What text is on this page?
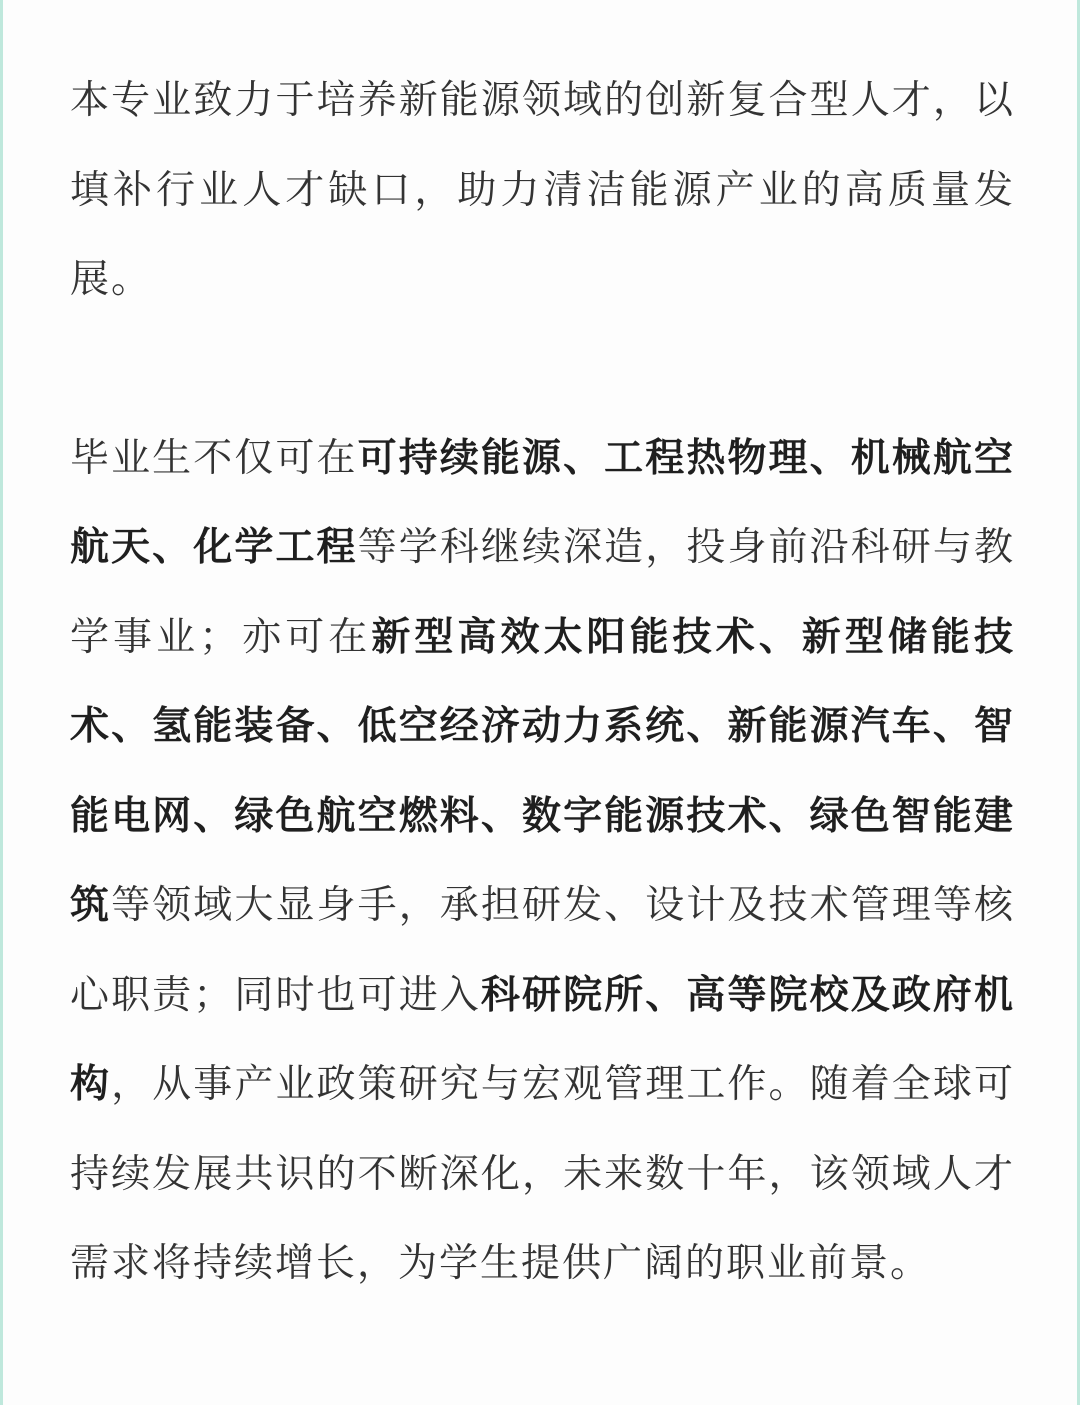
本专业致力于培养新能源领域的创新复合型人才，以填补行业人才缺口，助力清洁能源产业的高质量发展。

毕业生不仅可在可持续能源、工程热物理、机械航空航天、化学工程等学科继续深造，投身前沿科研与教学事业；亦可在新型高效太阳能技术、新型储能技术、氢能装备、低空经济动力系统、新能源汽车、智能电网、绿色航空燃料、数字能源技术、绿色智能建筑等领域大显身手，承担研发、设计及技术管理等核心职责；同时也可进入科研院所、高等院校及政府机构，从事产业政策研究与宏观管理工作。随着全球可持续发展共识的不断深化，未来数十年，该领域人才需求将持续增长，为学生提供广阔的职业前景。
